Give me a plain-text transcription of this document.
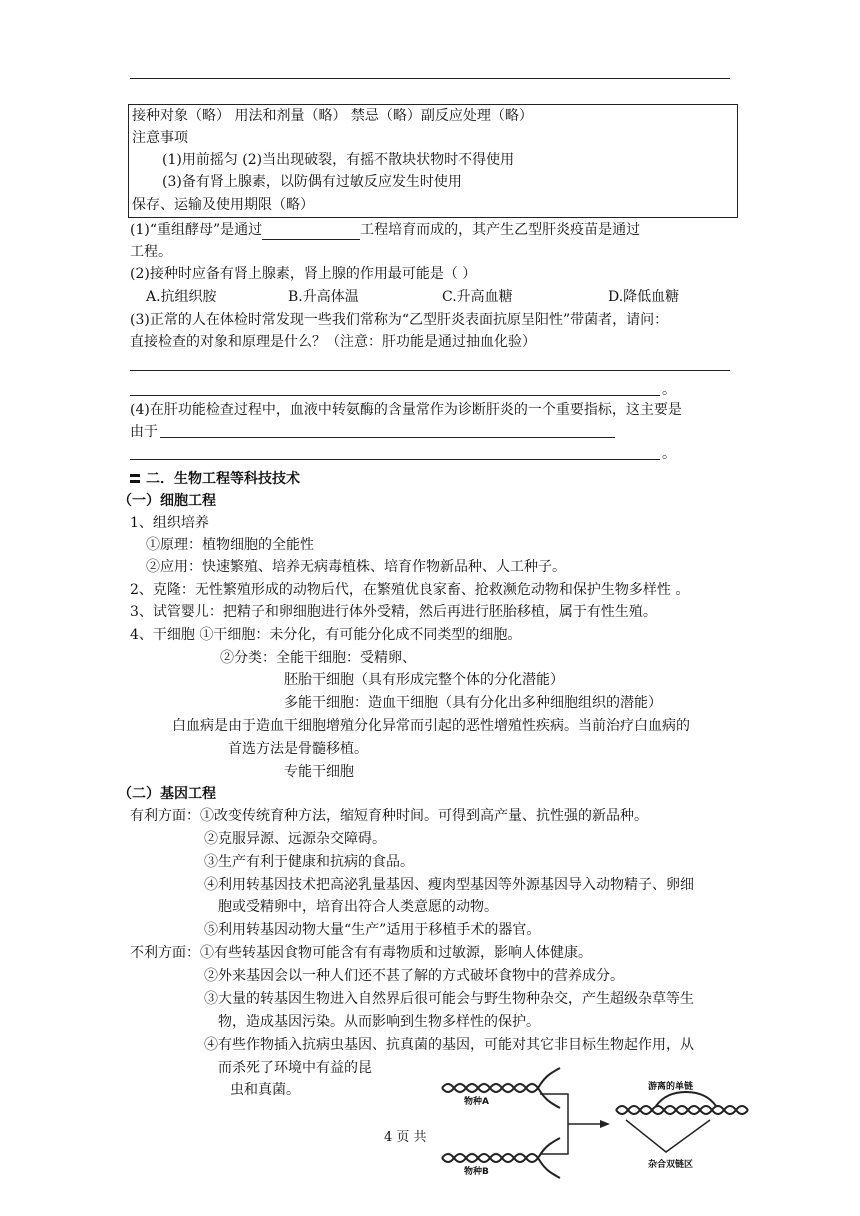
接种对象（略） 用法和剂量（略） 禁忌（略）副反应处理（略）
注意事项
(1)用前摇匀 (2)当出现破裂，有摇不散块状物时不得使用
(3)备有肾上腺素，以防偶有过敏反应发生时使用
保存、运输及使用期限（略）
(1)“重组酵母”是通过	工程培育而成的，其产生乙型肝炎疫苗是通过
工程。
(2)接种时应备有肾上腺素，肾上腺的作用最可能是（ ）
A.抗组织胺	B.升高体温	C.升高血糖	D.降低血糖
(3)正常的人在体检时常发现一些我们常称为“乙型肝炎表面抗原呈阳性”带菌者，请问：
直接检查的对象和原理是什么？（注意：肝功能是通过抽血化验）
。
(4)在肝功能检查过程中，血液中转氨酶的含量常作为诊断肝炎的一个重要指标，这主要是
由于
。
二．生物工程等科技技术
（一）细胞工程
1、组织培养
①原理：植物细胞的全能性
②应用：快速繁殖、培养无病毒植株、培育作物新品种、人工种子。
2、克隆：无性繁殖形成的动物后代，在繁殖优良家畜、抢救濒危动物和保护生物多样性 。
3、试管婴儿：把精子和卵细胞进行体外受精，然后再进行胚胎移植，属于有性生殖。
4、干细胞 ①干细胞：未分化，有可能分化成不同类型的细胞。
②分类：全能干细胞：受精卵、
胚胎干细胞（具有形成完整个体的分化潜能）
多能干细胞：造血干细胞（具有分化出多种细胞组织的潜能）
白血病是由于造血干细胞增殖分化异常而引起的恶性增殖性疾病。当前治疗白血病的
首选方法是骨髓移植。
专能干细胞
（二）基因工程
有利方面：①改变传统育种方法，缩短育种时间。可得到高产量、抗性强的新品种。
②克服异源、远源杂交障碍。
③生产有利于健康和抗病的食品。
④利用转基因技术把高泌乳量基因、瘦肉型基因等外源基因导入动物精子、卵细
胞或受精卵中，培育出符合人类意愿的动物。
⑤利用转基因动物大量“生产”适用于移植手术的器官。
不利方面：①有些转基因食物可能含有有毒物质和过敏源，影响人体健康。
②外来基因会以一种人们还不甚了解的方式破坏食物中的营养成分。
③大量的转基因生物进入自然界后很可能会与野生物种杂交，产生超级杂草等生
物，造成基因污染。从而影响到生物多样性的保护。
④有些作物插入抗病虫基因、抗真菌的基因，可能对其它非目标生物起作用，从
而杀死了环境中有益的昆
虫和真菌。
物种A
物种B
游离的单链
杂合双链区
4 页 共
